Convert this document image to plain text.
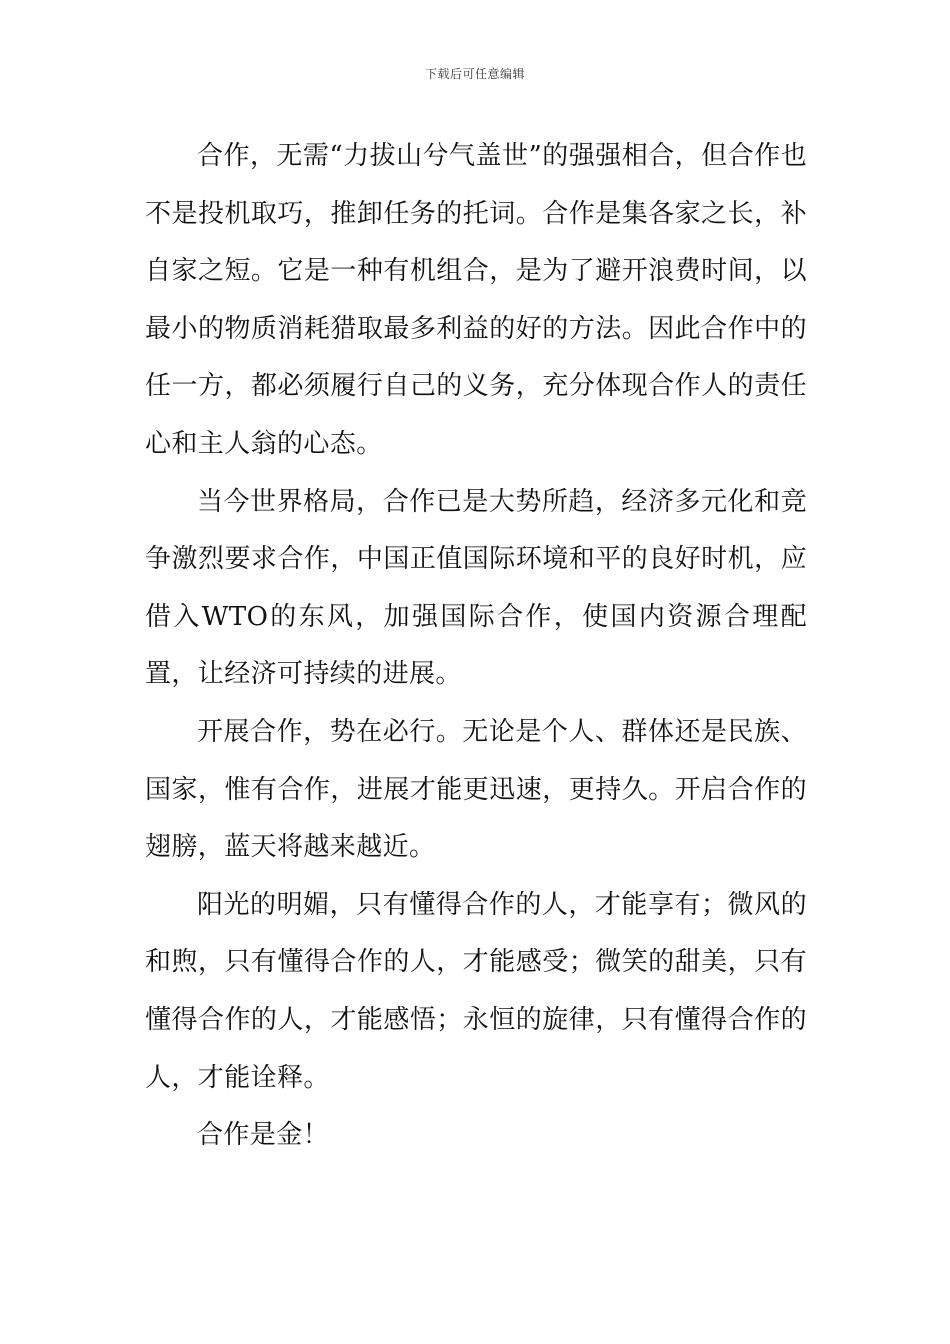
下载后可任意编辑

合作，无需“力拔山兮气盖世”的强强相合，但合作也不是投机取巧，推卸任务的托词。合作是集各家之长，补自家之短。它是一种有机组合，是为了避开浪费时间，以最小的物质消耗猎取最多利益的好的方法。因此合作中的任一方，都必须履行自己的义务，充分体现合作人的责任心和主人翁的心态。

当今世界格局，合作已是大势所趋，经济多元化和竞争激烈要求合作，中国正值国际环境和平的良好时机，应借入WTO的东风，加强国际合作，使国内资源合理配置，让经济可持续的进展。

开展合作，势在必行。无论是个人、群体还是民族、国家，惟有合作，进展才能更迅速，更持久。开启合作的翅膀，蓝天将越来越近。

阳光的明媚，只有懂得合作的人，才能享有；微风的和煦，只有懂得合作的人，才能感受；微笑的甜美，只有懂得合作的人，才能感悟；永恒的旋律，只有懂得合作的人，才能诠释。

合作是金！
